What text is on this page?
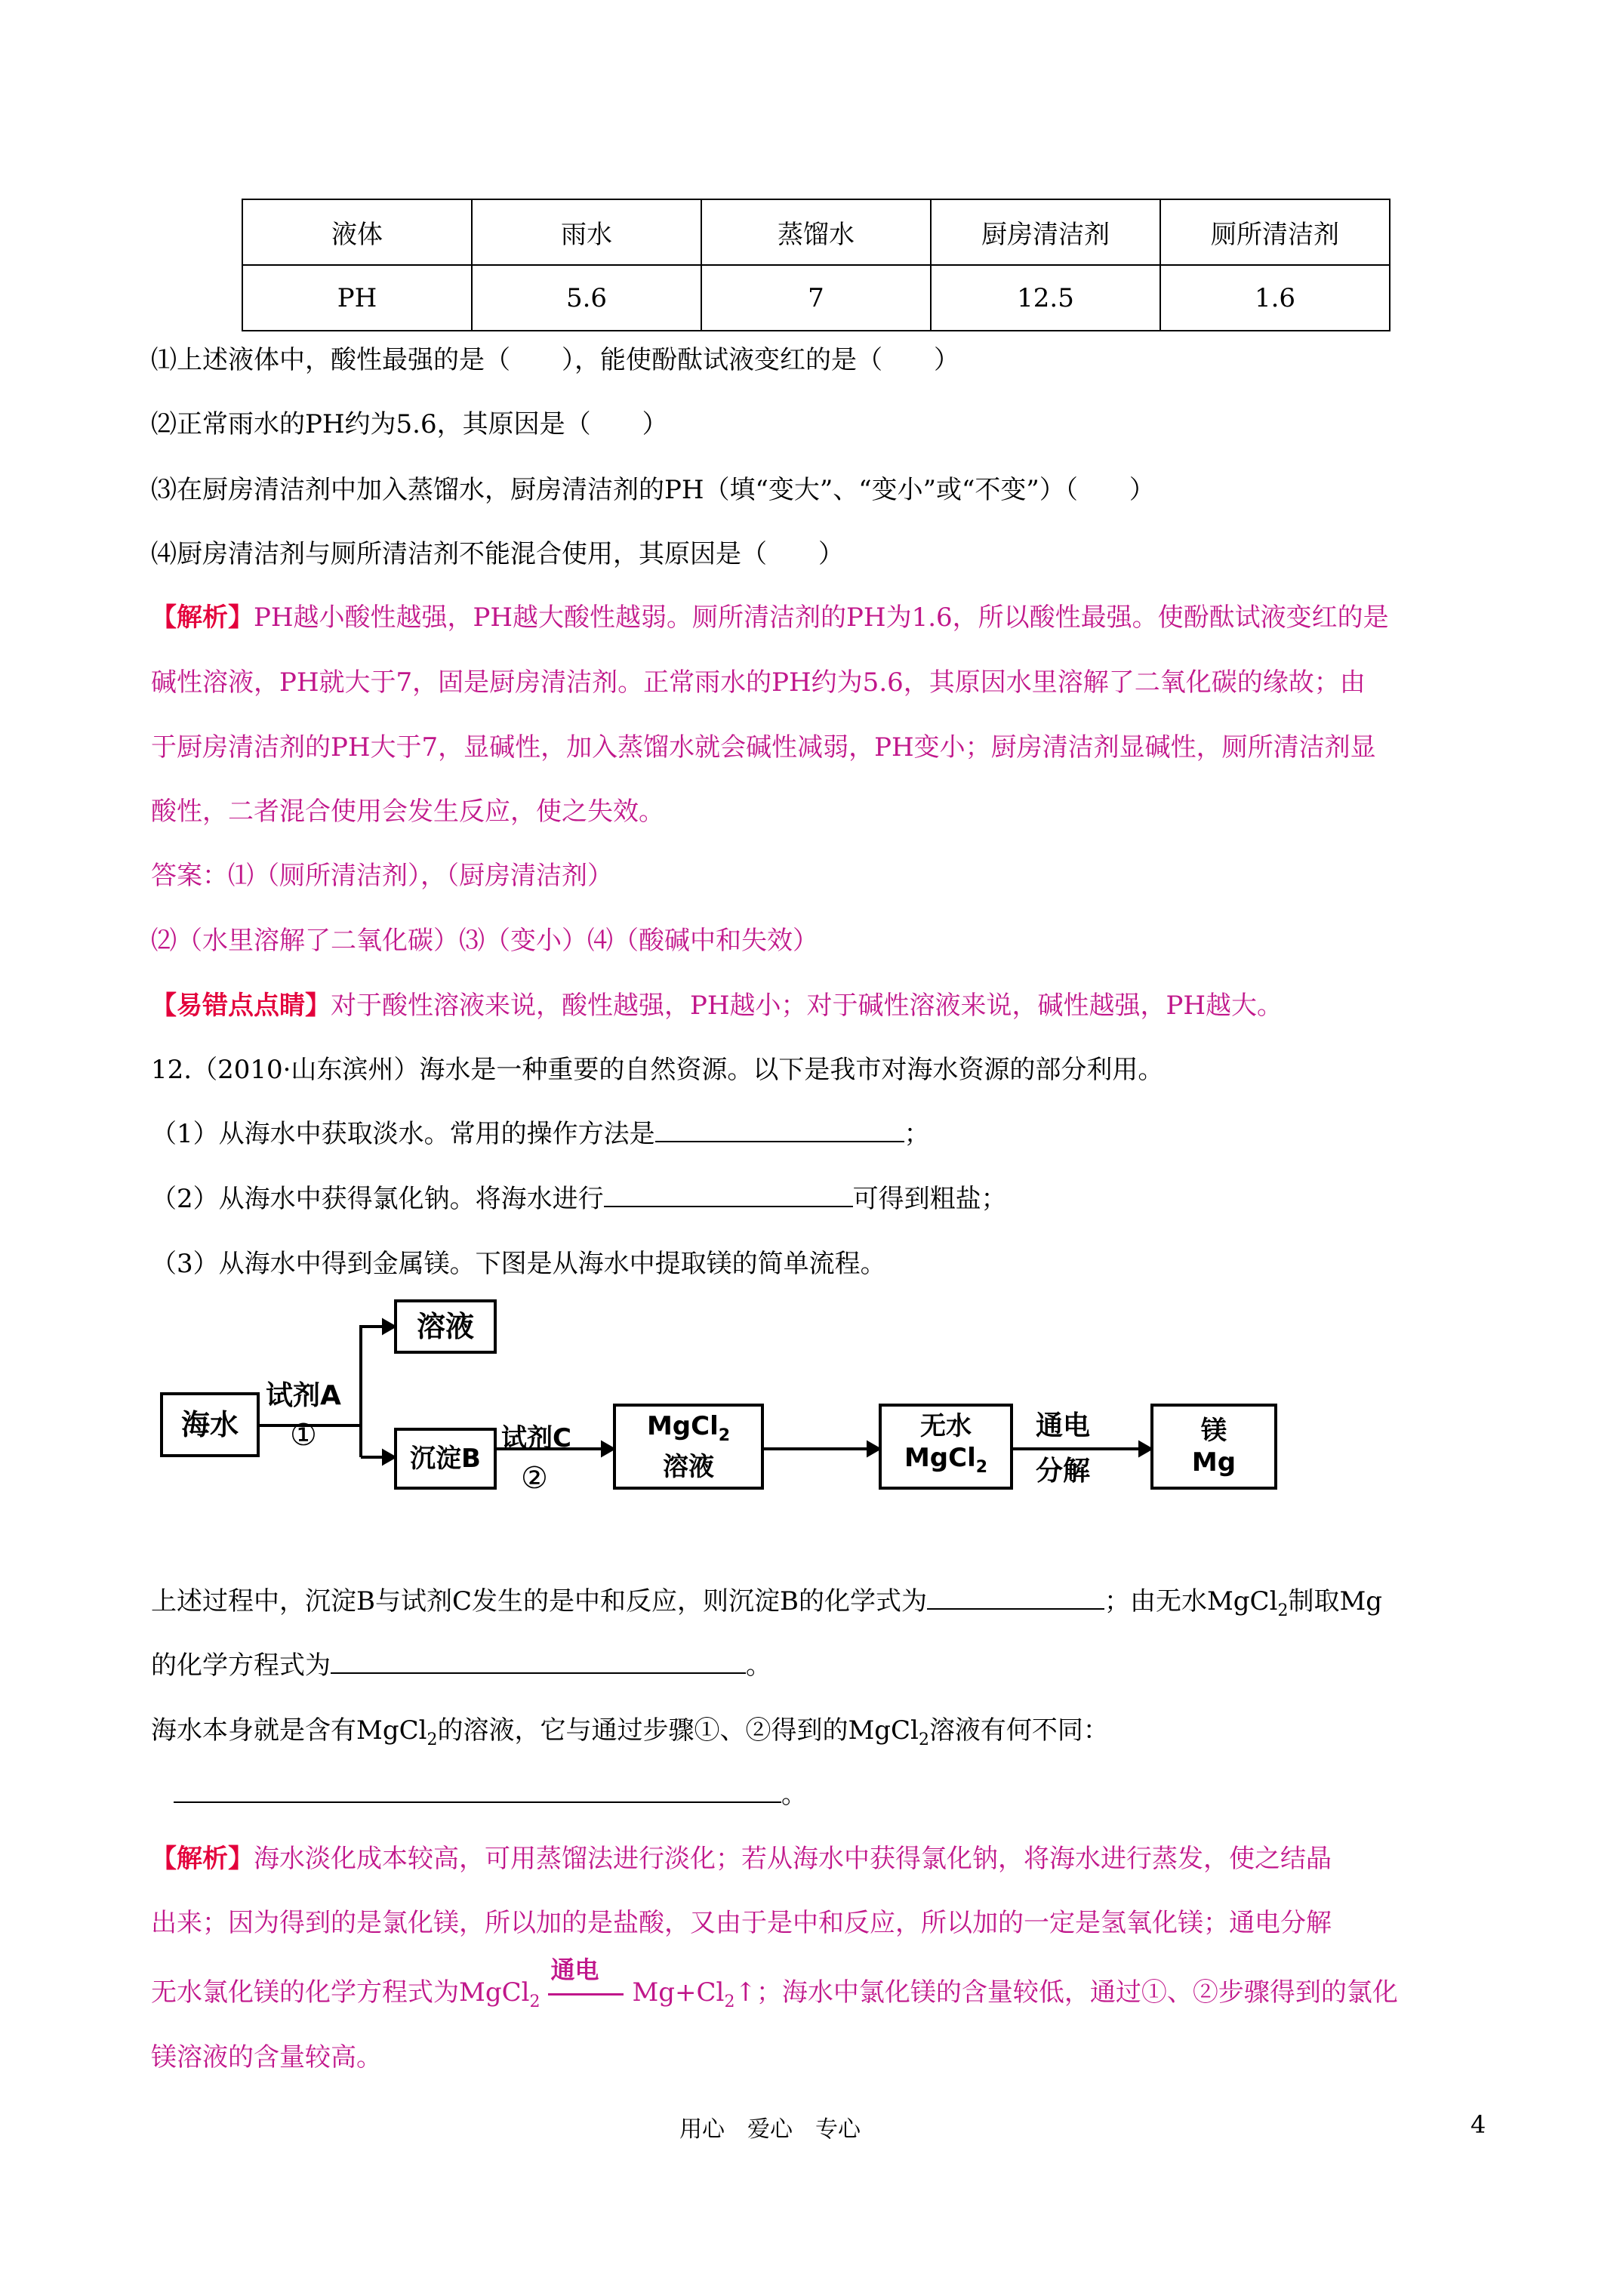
液体	雨水	蒸馏水	厨房清洁剂	厕所清洁剂
PH	5.6	7	12.5	1.6
⑴上述液体中，酸性最强的是（　　），能使酚酞试液变红的是（　　）
⑵正常雨水的PH约为5.6，其原因是（　　）
⑶在厨房清洁剂中加入蒸馏水，厨房清洁剂的PH（填“变大”、“变小”或“不变”）（　　）
⑷厨房清洁剂与厕所清洁剂不能混合使用，其原因是（　　）
【解析】PH越小酸性越强，PH越大酸性越弱。厕所清洁剂的PH为1.6，所以酸性最强。使酚酞试液变红的是
碱性溶液，PH就大于7，固是厨房清洁剂。正常雨水的PH约为5.6，其原因水里溶解了二氧化碳的缘故；由
于厨房清洁剂的PH大于7，显碱性，加入蒸馏水就会碱性减弱，PH变小；厨房清洁剂显碱性，厕所清洁剂显
酸性，二者混合使用会发生反应，使之失效。
答案：⑴（厕所清洁剂），（厨房清洁剂）
⑵（水里溶解了二氧化碳）⑶（变小）⑷（酸碱中和失效）
【易错点点睛】对于酸性溶液来说，酸性越强，PH越小；对于碱性溶液来说，碱性越强，PH越大。
12.（2010·山东滨州）海水是一种重要的自然资源。以下是我市对海水资源的部分利用。
（1）从海水中获取淡水。常用的操作方法是	；
（2）从海水中获得氯化钠。将海水进行	可得到粗盐；
（3）从海水中得到金属镁。下图是从海水中提取镁的简单流程。
海水
溶液
沉淀B
MgCl$_2$
溶液
无水
MgCl$_2$
镁
Mg
试剂A
①	试剂C
②
通电
分解
上述过程中，沉淀B与试剂C发生的是中和反应，则沉淀B的化学式为	；由无水MgCl$_2$制取Mg
的化学方程式为	。
海水本身就是含有MgCl$_2$的溶液，它与通过步骤①、②得到的MgCl$_2$溶液有何不同：
。
【解析】海水淡化成本较高，可用蒸馏法进行淡化；若从海水中获得氯化钠，将海水进行蒸发，使之结晶
出来；因为得到的是氯化镁，所以加的是盐酸，又由于是中和反应，所以加的一定是氢氧化镁；通电分解
无水氯化镁的化学方程式为MgCl$_2$
通电
$Mg+Cl_2↑$；海水中氯化镁的含量较低，通过①、②步骤得到的氯化
镁溶液的含量较高。
用心　爱心　专心	4
